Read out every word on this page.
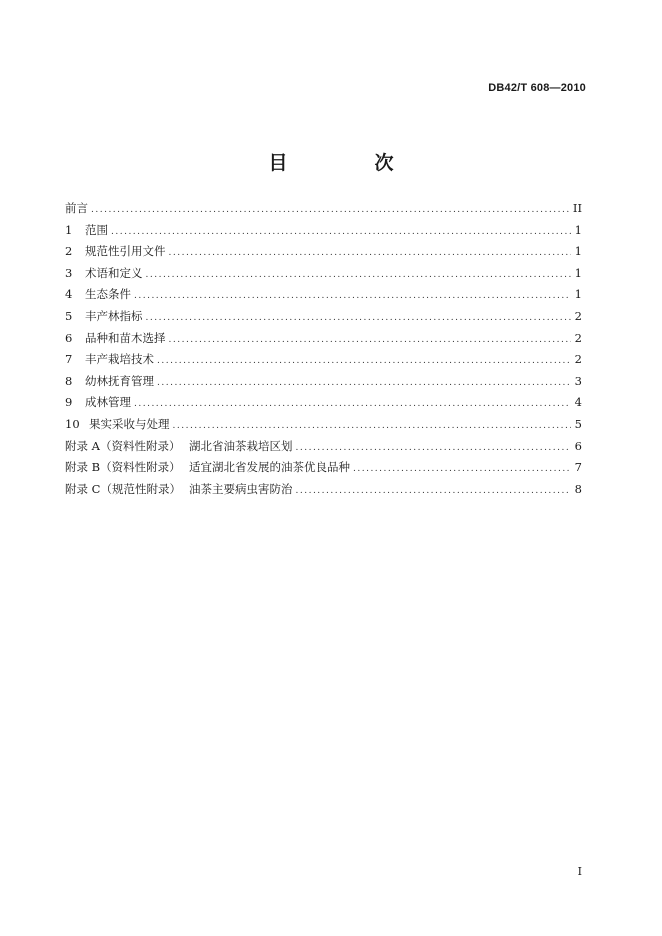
DB42/T 608—2010
目　次
前言 .....	II
1 范围 .....	1
2 规范性引用文件 .....	1
3 术语和定义 .....	1
4 生态条件 .....	1
5 丰产林指标 .....	2
6 品种和苗木选择 .....	2
7 丰产栽培技术 .....	2
8 幼林抚育管理 .....	3
9 成林管理 .....	4
10 果实采收与处理 .....	5
附录 A（资料性附录） 湖北省油茶栽培区划 .....	6
附录 B（资料性附录） 适宜湖北省发展的油茶优良品种 .....	7
附录 C（规范性附录） 油茶主要病虫害防治 .....	8
I
